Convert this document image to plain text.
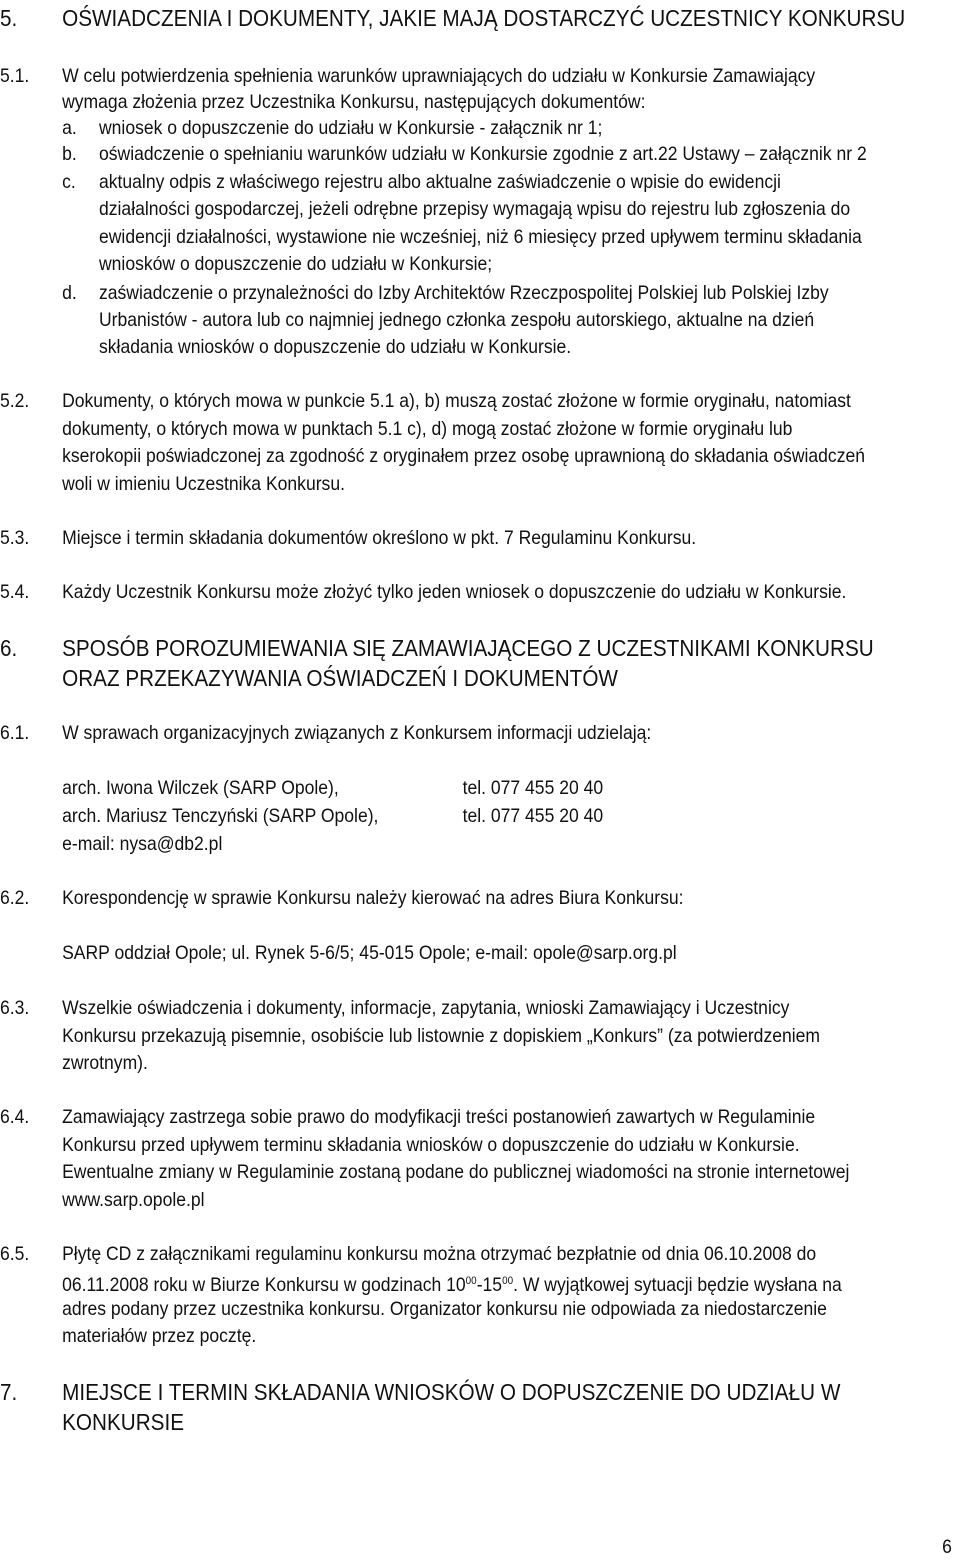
5. OŚWIADCZENIA I DOKUMENTY, JAKIE MAJĄ DOSTARCZYĆ UCZESTNICY KONKURSU
5.1. W celu potwierdzenia spełnienia warunków uprawniających do udziału w Konkursie Zamawiający
wymaga złożenia przez Uczestnika Konkursu, następujących dokumentów:
a. wniosek o dopuszczenie do udziału w Konkursie - załącznik nr 1;
b. oświadczenie o spełnianiu warunków udziału w Konkursie zgodnie z art.22 Ustawy – załącznik nr 2
c. aktualny odpis z właściwego rejestru albo aktualne zaświadczenie o wpisie do ewidencji
działalności gospodarczej, jeżeli odrębne przepisy wymagają wpisu do rejestru lub zgłoszenia do
ewidencji działalności, wystawione nie wcześniej, niż 6 miesięcy przed upływem terminu składania
wniosków o dopuszczenie do udziału w Konkursie;
d. zaświadczenie o przynależności do Izby Architektów Rzeczpospolitej Polskiej lub Polskiej Izby
Urbanistów - autora lub co najmniej jednego członka zespołu autorskiego, aktualne na dzień
składania wniosków o dopuszczenie do udziału w Konkursie.
5.2. Dokumenty, o których mowa w punkcie 5.1 a), b) muszą zostać złożone w formie oryginału, natomiast
dokumenty, o których mowa w punktach 5.1 c), d) mogą zostać złożone w formie oryginału lub
kserokopii poświadczonej za zgodność z oryginałem przez osobę uprawnioną do składania oświadczeń
woli w imieniu Uczestnika Konkursu.
5.3. Miejsce i termin składania dokumentów określono w pkt. 7 Regulaminu Konkursu.
5.4. Każdy Uczestnik Konkursu może złożyć tylko jeden wniosek o dopuszczenie do udziału w Konkursie.
6. SPOSÓB POROZUMIEWANIA SIĘ ZAMAWIAJĄCEGO Z UCZESTNIKAMI KONKURSU
ORAZ PRZEKAZYWANIA OŚWIADCZEŃ I DOKUMENTÓW
6.1. W sprawach organizacyjnych związanych z Konkursem informacji udzielają:
arch. Iwona Wilczek (SARP Opole),	tel. 077 455 20 40
arch. Mariusz Tenczyński (SARP Opole),	tel. 077 455 20 40
e-mail: nysa@db2.pl
6.2. Korespondencję w sprawie Konkursu należy kierować na adres Biura Konkursu:
SARP oddział Opole; ul. Rynek 5-6/5; 45-015 Opole; e-mail: opole@sarp.org.pl
6.3. Wszelkie oświadczenia i dokumenty, informacje, zapytania, wnioski Zamawiający i Uczestnicy
Konkursu przekazują pisemnie, osobiście lub listownie z dopiskiem „Konkurs” (za potwierdzeniem
zwrotnym).
6.4. Zamawiający zastrzega sobie prawo do modyfikacji treści postanowień zawartych w Regulaminie
Konkursu przed upływem terminu składania wniosków o dopuszczenie do udziału w Konkursie.
Ewentualne zmiany w Regulaminie zostaną podane do publicznej wiadomości na stronie internetowej
www.sarp.opole.pl
6.5. Płytę CD z załącznikami regulaminu konkursu można otrzymać bezpłatnie od dnia 06.10.2008 do
06.11.2008 roku w Biurze Konkursu w godzinach $10^{00}-15^{00}$. W wyjątkowej sytuacji będzie wysłana na
adres podany przez uczestnika konkursu. Organizator konkursu nie odpowiada za niedostarczenie
materiałów przez pocztę.
7. MIEJSCE I TERMIN SKŁADANIA WNIOSKÓW O DOPUSZCZENIE DO UDZIAŁU W
KONKURSIE
6
